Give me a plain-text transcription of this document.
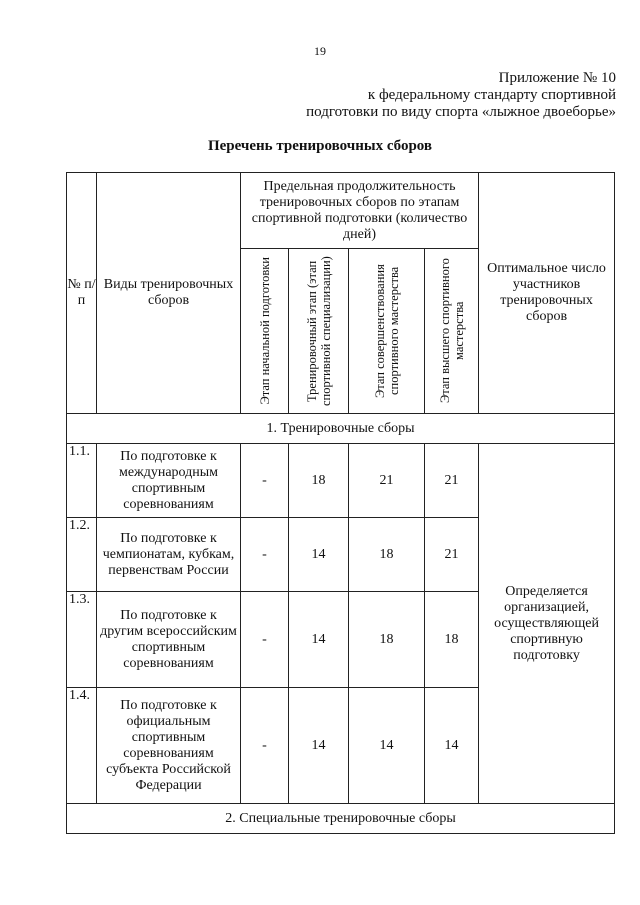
19
Приложение № 10
к федеральному стандарту спортивной
подготовки по виду спорта «лыжное двоеборье»
Перечень тренировочных сборов
№ п/п	Виды тренировочных сборов	Предельная продолжительность тренировочных сборов по этапам спортивной подготовки (количество дней)				Оптимальное число участников тренировочных сборов

		Этап начальной подготовки	Тренировочный этап (этап спортивной специализации)	Этап совершенствования спортивного мастерства	Этап высшего спортивного мастерства	

1. Тренировочные сборы						
1.1.	По подготовке к международным спортивным соревнованиям	-	18	21	21	Определяется организацией, осуществляющей спортивную подготовку
1.2.	По подготовке к чемпионатам, кубкам, первенствам России	-	14	18	21	
1.3.	По подготовке к другим всероссийским спортивным соревнованиям	-	14	18	18	
1.4.	По подготовке к официальным спортивным соревнованиям субъекта Российской Федерации	-	14	14	14	
2. Специальные тренировочные сборы						
